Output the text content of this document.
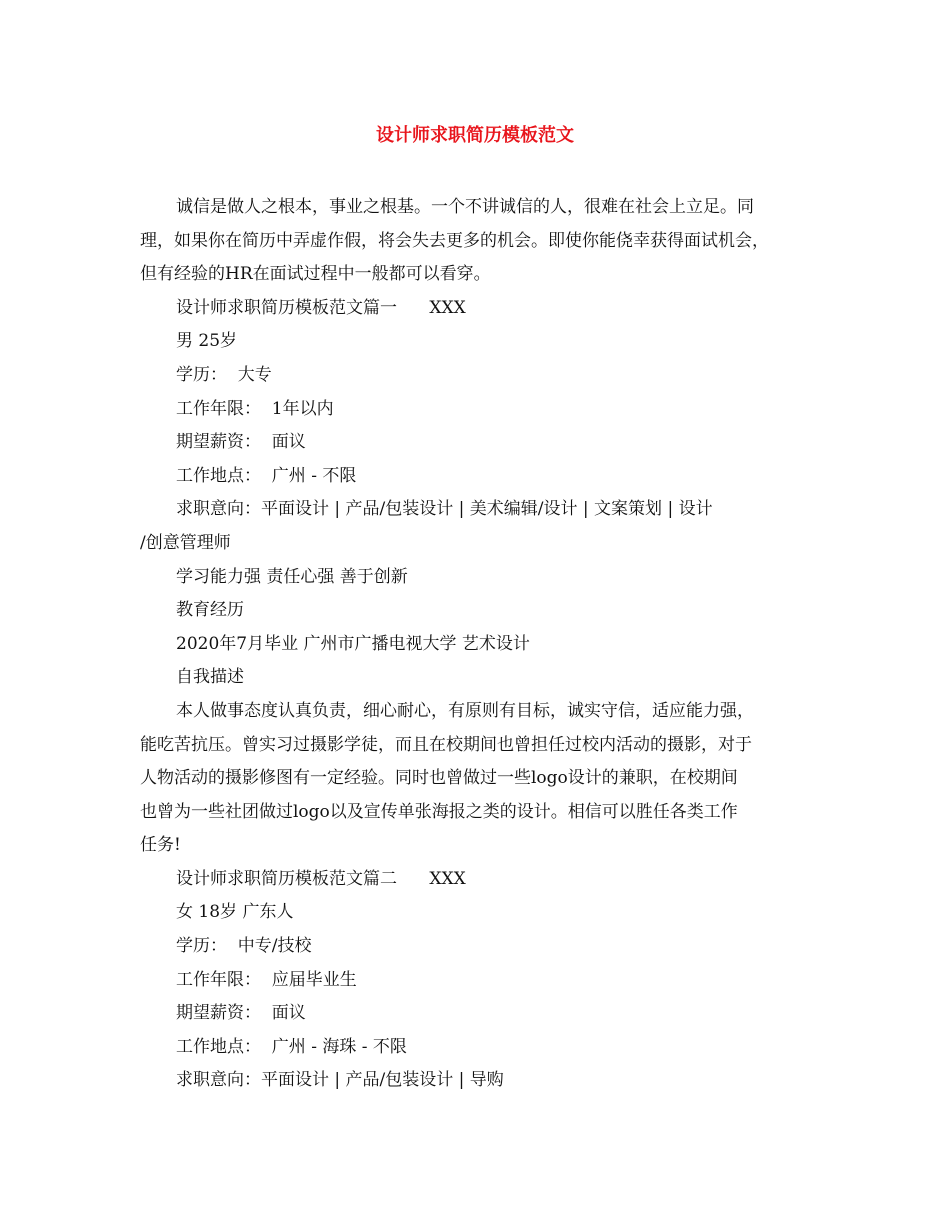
设计师求职简历模板范文

诚信是做人之根本，事业之根基。一个不讲诚信的人，很难在社会上立足。同

理，如果你在简历中弄虚作假，将会失去更多的机会。即使你能侥幸获得面试机会，

但有经验的HR在面试过程中一般都可以看穿。

设计师求职简历模板范文篇一      XXX

男 25岁

学历：  大专

工作年限：  1年以内

期望薪资：  面议

工作地点：  广州 - 不限

求职意向：平面设计 | 产品/包装设计 | 美术编辑/设计 | 文案策划 | 设计

/创意管理师

学习能力强 责任心强 善于创新

教育经历

2020年7月毕业 广州市广播电视大学 艺术设计

自我描述

本人做事态度认真负责，细心耐心，有原则有目标，诚实守信，适应能力强，

能吃苦抗压。曾实习过摄影学徒，而且在校期间也曾担任过校内活动的摄影，对于

人物活动的摄影修图有一定经验。同时也曾做过一些logo设计的兼职，在校期间

也曾为一些社团做过logo以及宣传单张海报之类的设计。相信可以胜任各类工作

任务!

设计师求职简历模板范文篇二      XXX

女 18岁 广东人

学历：  中专/技校

工作年限：  应届毕业生

期望薪资：  面议

工作地点：  广州 - 海珠 - 不限

求职意向：平面设计 | 产品/包装设计 | 导购
